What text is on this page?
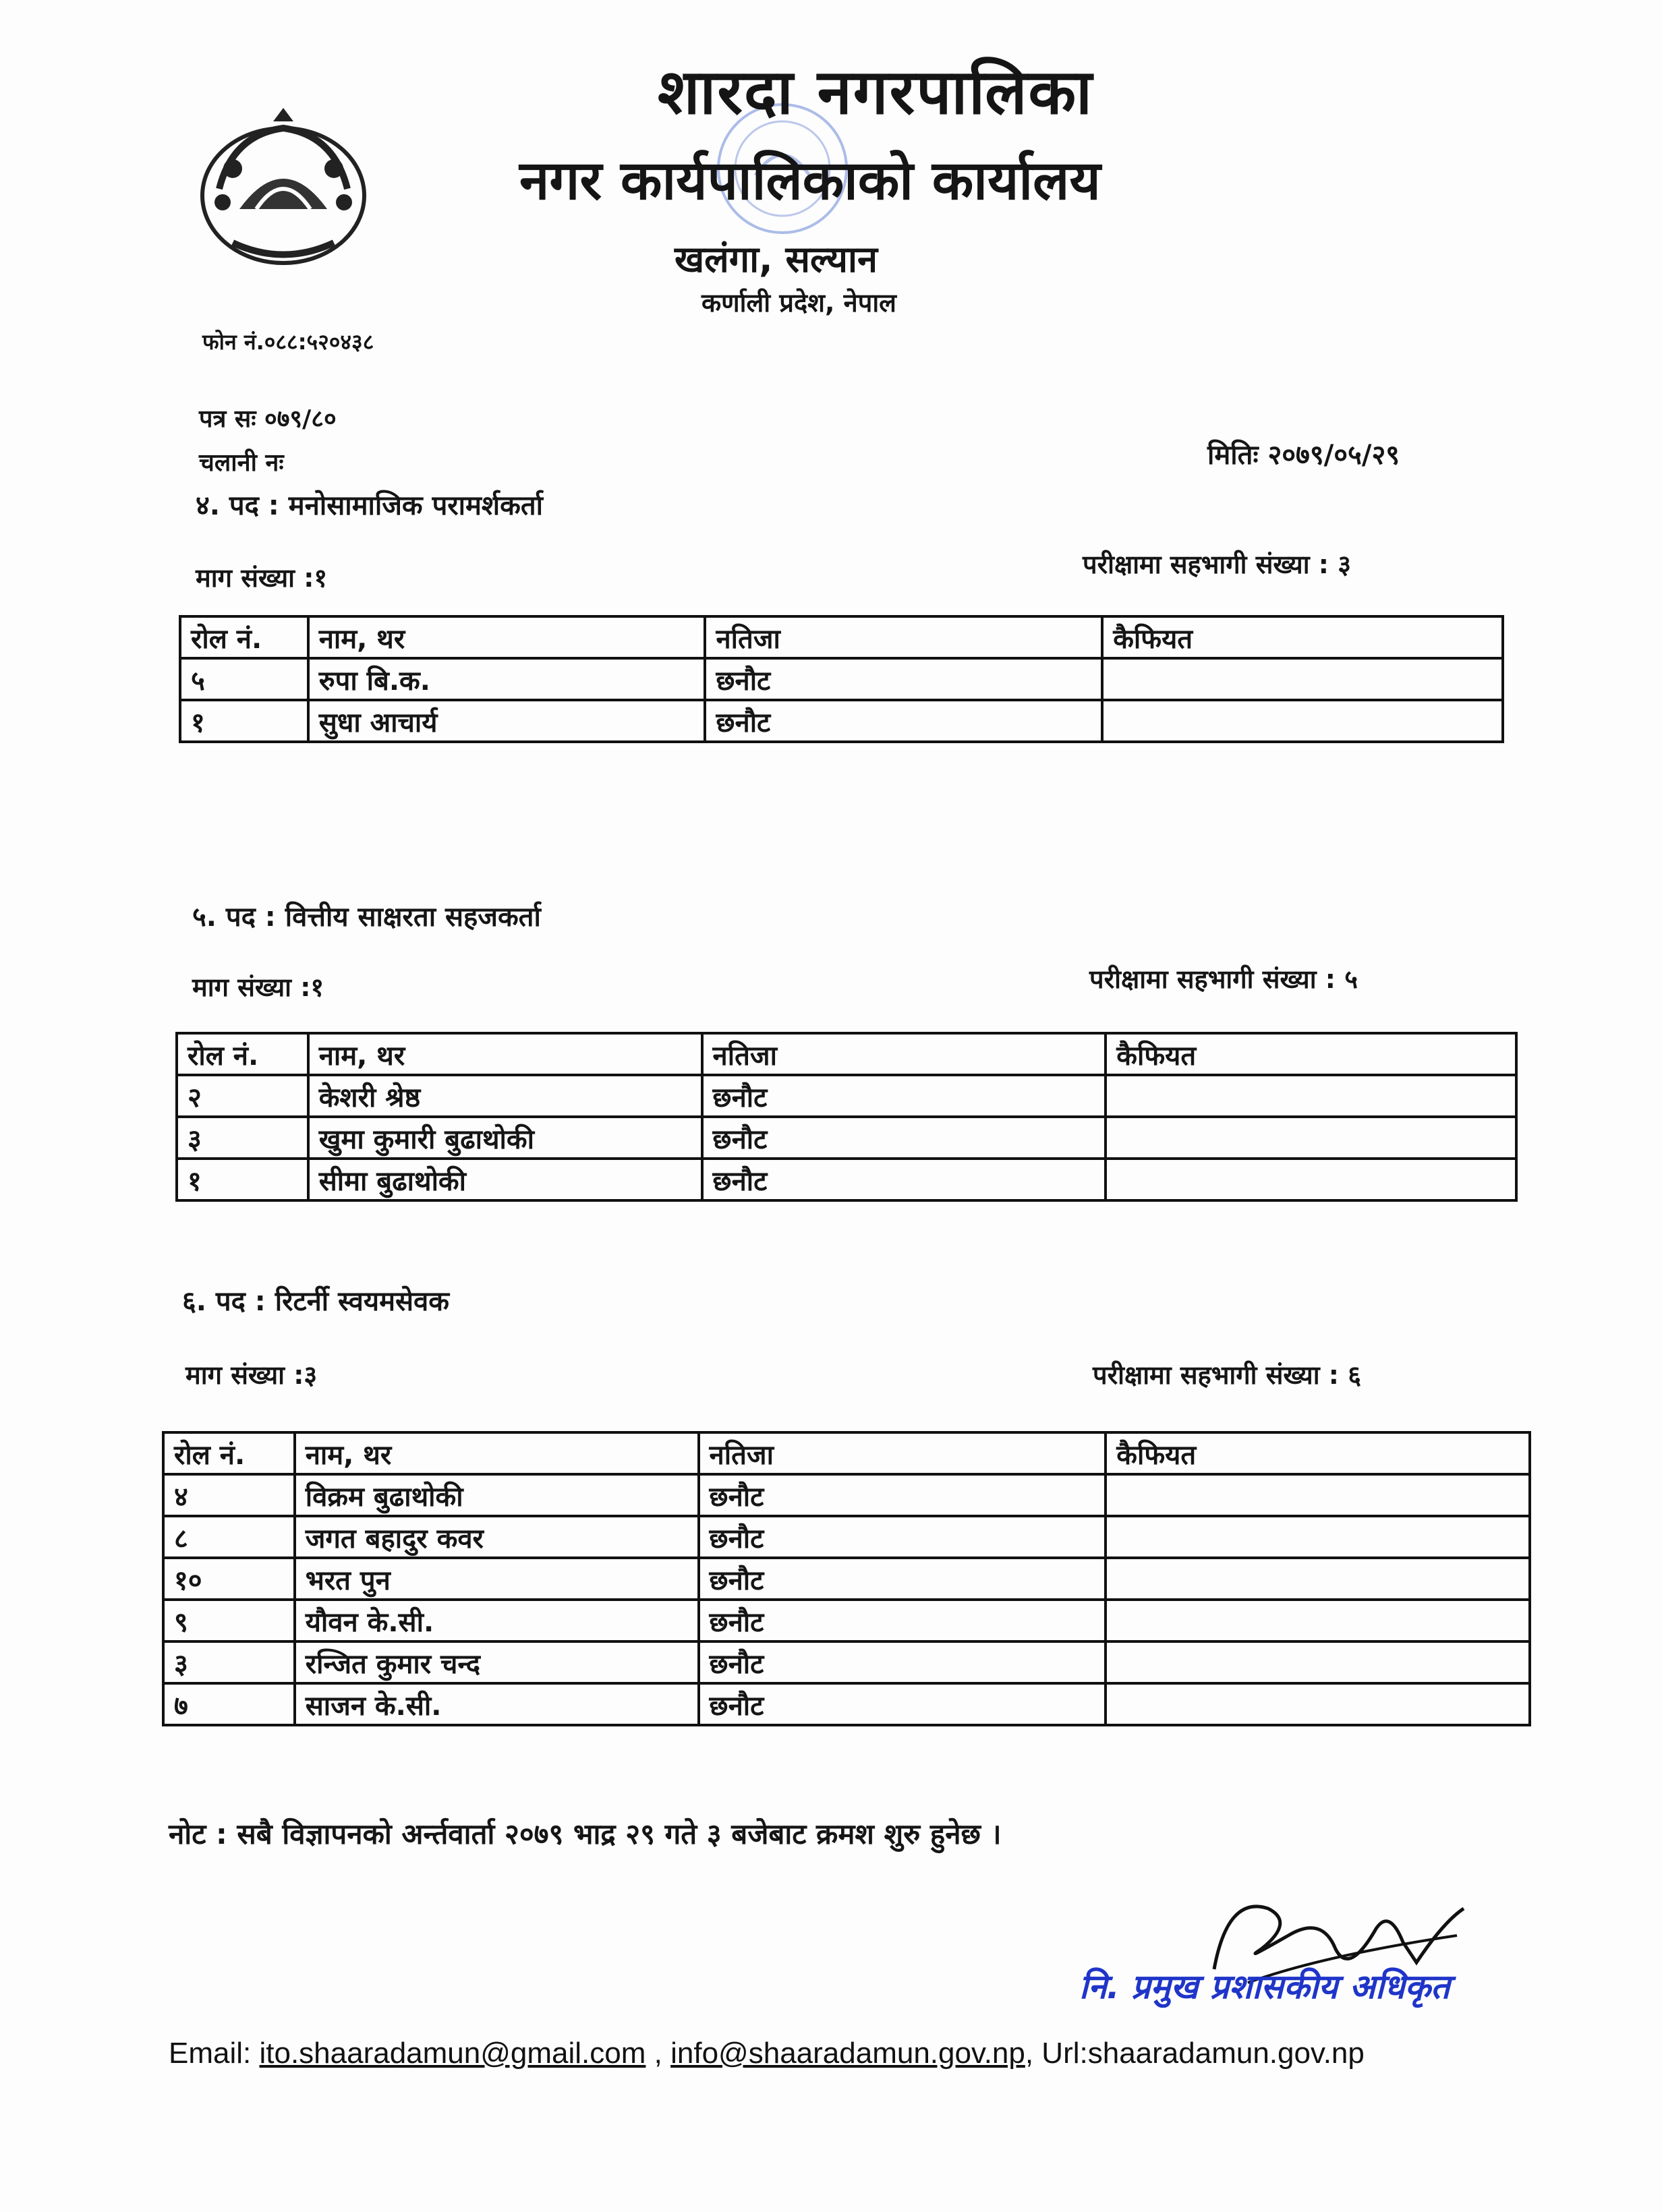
शारदा नगरपालिका
नगर कार्यपालिकाको कार्यालय
खलंगा, सल्यान
कर्णाली प्रदेश, नेपाल
फोन नं.०८८:५२०४३८
पत्र सः ०७९/८०
चलानी नः	मितिः २०७९/०५/२९
४. पद : मनोसामाजिक परामर्शकर्ता
माग संख्या :१	परीक्षामा सहभागी संख्या : ३
रोल नं.	नाम, थर	नतिजा	कैफियत
५	रुपा बि.क.	छनौट	
१	सुधा आचार्य	छनौट	
५. पद : वित्तीय साक्षरता सहजकर्ता
माग संख्या :१	परीक्षामा सहभागी संख्या : ५
रोल नं.	नाम, थर	नतिजा	कैफियत
२	केशरी श्रेष्ठ	छनौट	
३	खुमा कुमारी बुढाथोकी	छनौट	
१	सीमा बुढाथोकी	छनौट	
६. पद : रिटर्नी स्वयमसेवक
माग संख्या :३	परीक्षामा सहभागी संख्या : ६
रोल नं.	नाम, थर	नतिजा	कैफियत
४	विक्रम बुढाथोकी	छनौट	
८	जगत बहादुर कवर	छनौट	
१०	भरत पुन	छनौट	
९	यौवन के.सी.	छनौट	
३	रन्जित कुमार चन्द	छनौट	
७	साजन के.सी.	छनौट	
नोट : सबै विज्ञापनको अर्न्तवार्ता २०७९ भाद्र २९ गते ३ बजेबाट क्रमश शुरु हुनेछ ।
नि. प्रमुख प्रशासकीय अधिकृत
Email: ito.shaaradamun@gmail.com , info@shaaradamun.gov.np, Url:shaaradamun.gov.np
